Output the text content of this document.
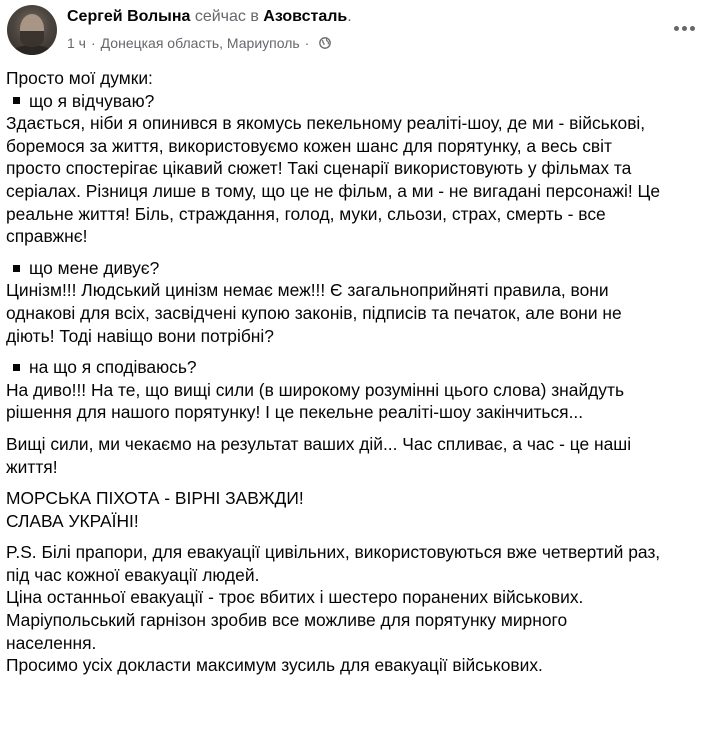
Сергей Волына сейчас в Азовсталь.
1 ч · Донецкая область, Мариуполь ·

Просто мої думки:

що я відчуваю?

Здається, ніби я опинився в якомусь пекельному реаліті-шоу, де ми - військові,

боремося за життя, використовуємо кожен шанс для порятунку, а весь світ

просто спостерігає цікавий сюжет! Такі сценарії використовують у фільмах та

серіалах. Різниця лише в тому, що це не фільм, а ми - не вигадані персонажі! Це

реальне життя! Біль, страждання, голод, муки, сльози, страх, смерть - все

справжнє!

що мене дивує?

Цинізм!!! Людський цинізм немає меж!!! Є загальноприйняті правила, вони

однакові для всіх, засвідчені купою законів, підписів та печаток, але вони не

діють! Тоді навіщо вони потрібні?

на що я сподіваюсь?

На диво!!! На те, що вищі сили (в широкому розумінні цього слова) знайдуть

рішення для нашого порятунку! І це пекельне реаліті-шоу закінчиться...

Вищі сили, ми чекаємо на результат ваших дій... Час спливає, а час - це наші

життя!

МОРСЬКА ПІХОТА - ВІРНІ ЗАВЖДИ!

СЛАВА УКРАЇНІ!

P.S. Білі прапори, для евакуації цивільних, використовуються вже четвертий раз,

під час кожної евакуації людей.

Ціна останньої евакуації - троє вбитих і шестеро поранених військових.

Маріупольський гарнізон зробив все можливе для порятунку мирного

населення.

Просимо усіх докласти максимум зусиль для евакуації військових.
